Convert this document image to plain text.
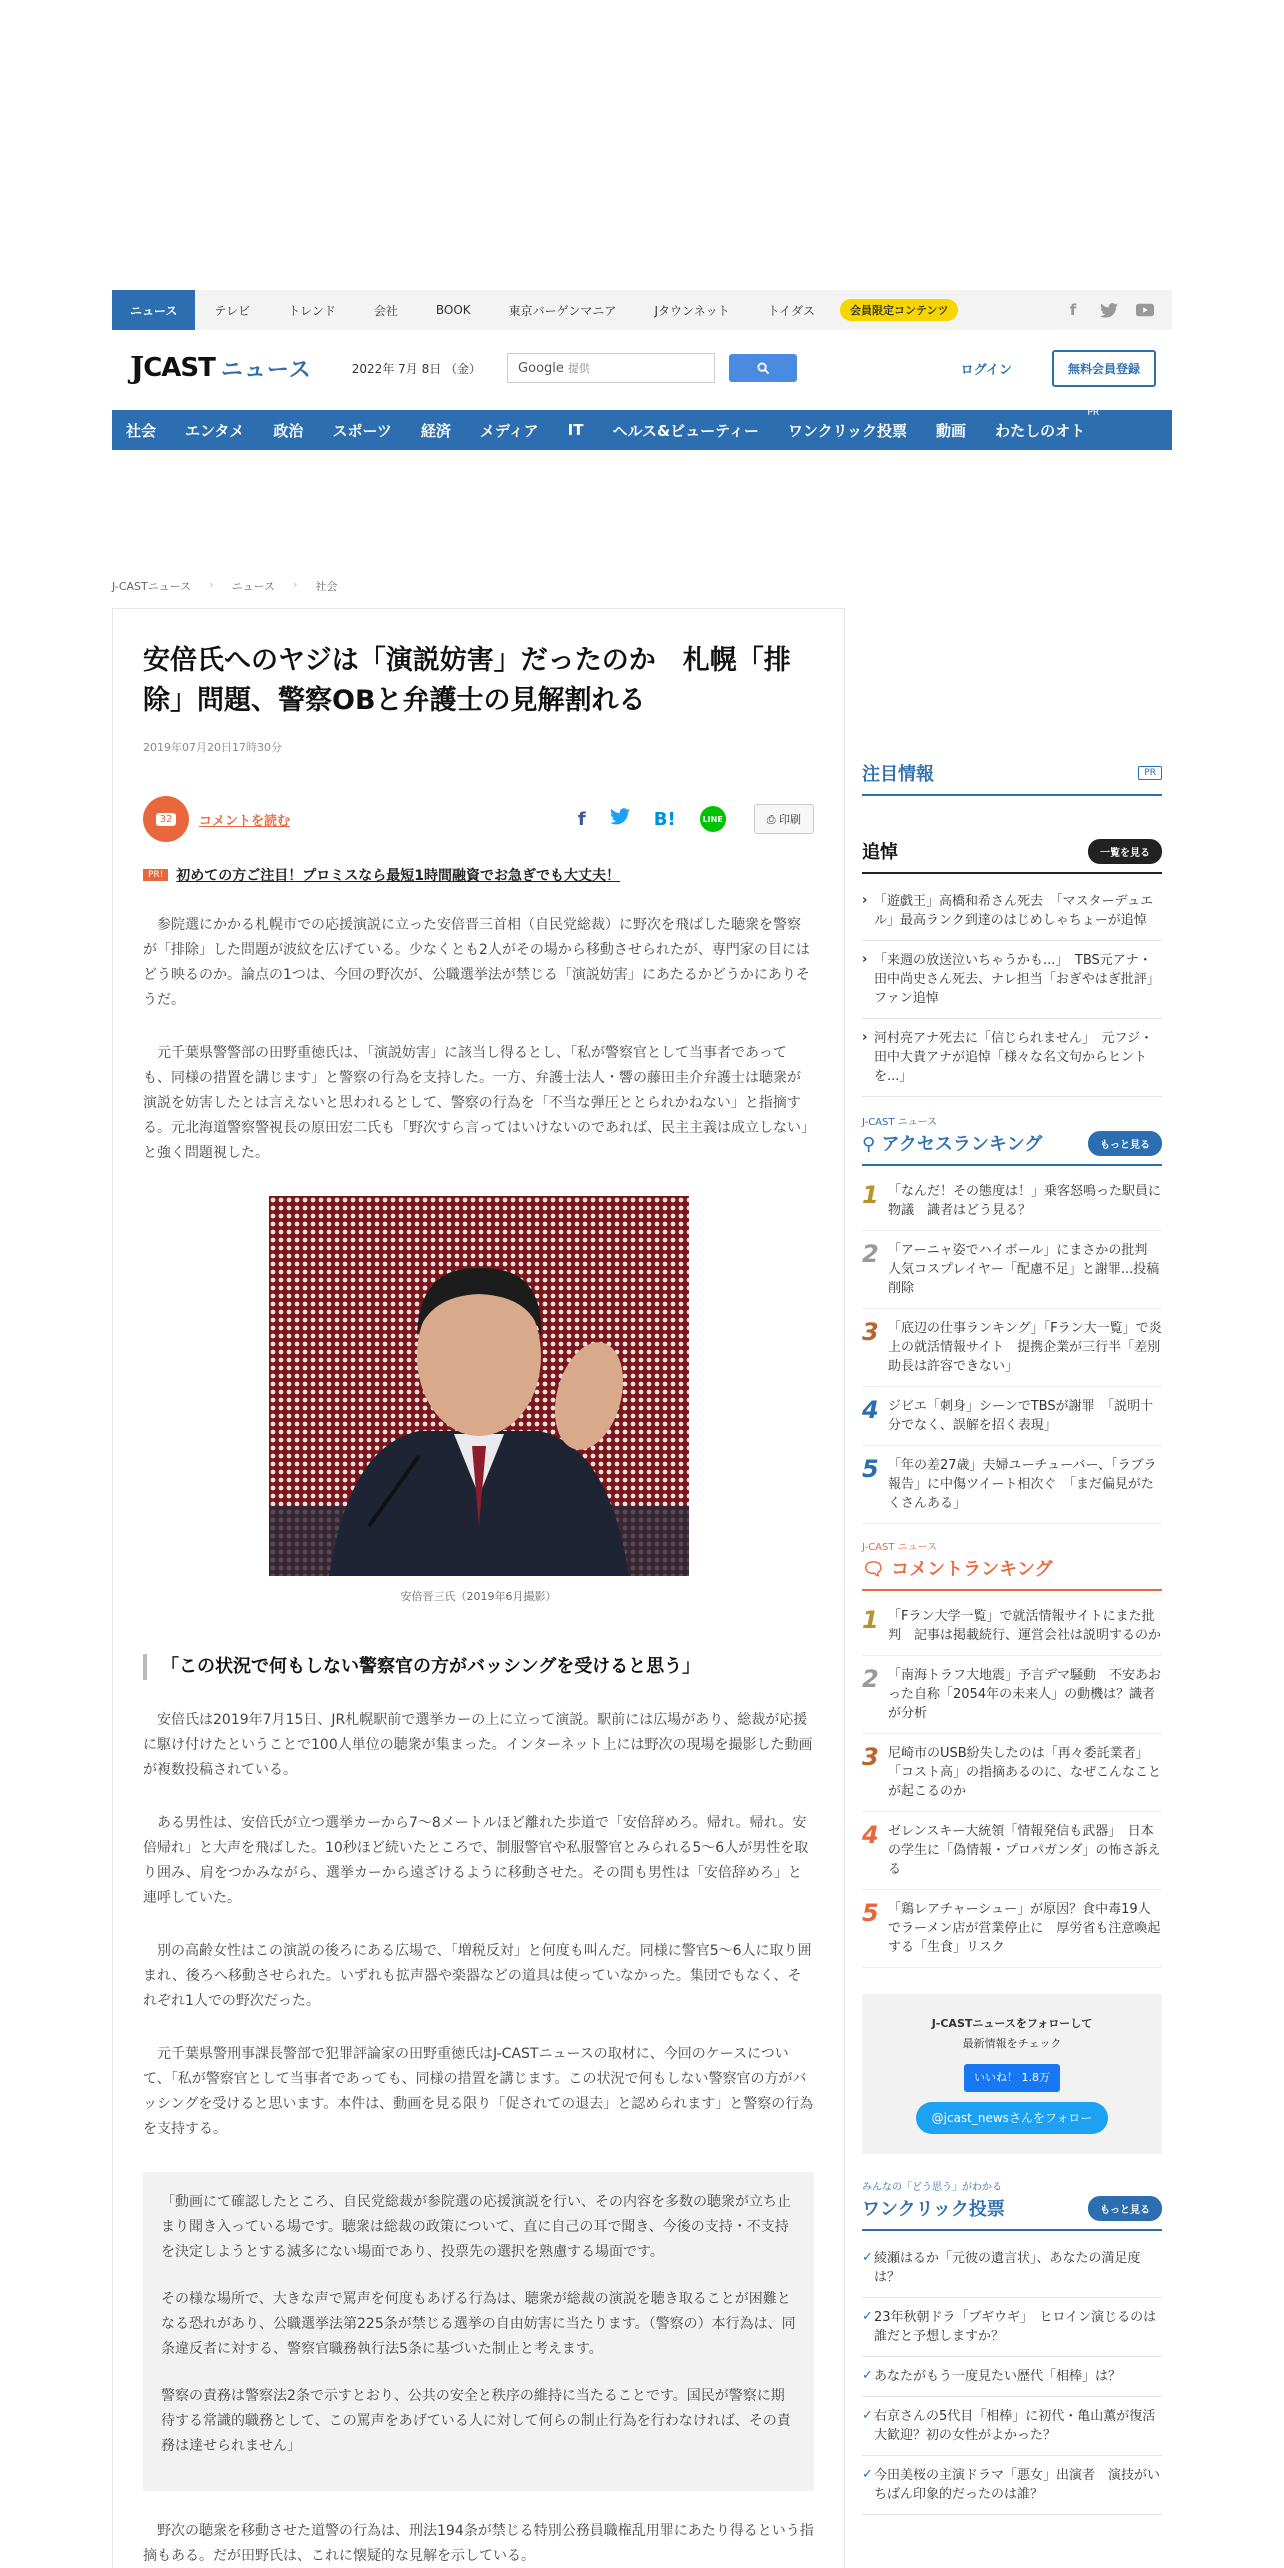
ニュース	テレビ	トレンド	会社	BOOK	東京バーゲンマニア	Jタウンネット	トイダス	会員限定コンテンツ	f
J CAST ニュース	2022年 7月 8日 （金）	Google 提供	ログイン	無料会員登録
社会 エンタメ 政治 スポーツ 経済 メディア IT ヘルス&ビューティー ワンクリック投票 動画 わたしのオト
PR
J-CASTニュース › ニュース › 社会
安倍氏へのヤジは「演説妨害」だったのか　札幌「排除」問題、警察OBと弁護士の見解割れる
2019年07月20日17時30分
32	コメントを読む	f	B!	LINE	⎙ 印刷
PR! 初めての方ご注目！プロミスなら最短1時間融資でお急ぎでも大丈夫！

参院選にかかる札幌市での応援演説に立った安倍晋三首相（自民党総裁）に野次を飛ばした聴衆を警察が「排除」した問題が波紋を広げている。少なくとも2人がその場から移動させられたが、専門家の目にはどう映るのか。論点の1つは、今回の野次が、公職選挙法が禁じる「演説妨害」にあたるかどうかにありそうだ。

元千葉県警警部の田野重徳氏は、「演説妨害」に該当し得るとし、「私が警察官として当事者であっても、同様の措置を講じます」と警察の行為を支持した。一方、弁護士法人・響の藤田圭介弁護士は聴衆が演説を妨害したとは言えないと思われるとして、警察の行為を「不当な弾圧ととられかねない」と指摘する。元北海道警察警視長の原田宏二氏も「野次すら言ってはいけないのであれば、民主主義は成立しない」と強く問題視した。

安倍晋三氏（2019年6月撮影）
「この状況で何もしない警察官の方がバッシングを受けると思う」

安倍氏は2019年7月15日、JR札幌駅前で選挙カーの上に立って演説。駅前には広場があり、総裁が応援に駆け付けたということで100人単位の聴衆が集まった。インターネット上には野次の現場を撮影した動画が複数投稿されている。

ある男性は、安倍氏が立つ選挙カーから7～8メートルほど離れた歩道で「安倍辞めろ。帰れ。帰れ。安倍帰れ」と大声を飛ばした。10秒ほど続いたところで、制服警官や私服警官とみられる5～6人が男性を取り囲み、肩をつかみながら、選挙カーから遠ざけるように移動させた。その間も男性は「安倍辞めろ」と連呼していた。

別の高齢女性はこの演説の後ろにある広場で、「増税反対」と何度も叫んだ。同様に警官5～6人に取り囲まれ、後ろへ移動させられた。いずれも拡声器や楽器などの道具は使っていなかった。集団でもなく、それぞれ1人での野次だった。

元千葉県警刑事課長警部で犯罪評論家の田野重徳氏はJ-CASTニュースの取材に、今回のケースについて、「私が警察官として当事者であっても、同様の措置を講じます。この状況で何もしない警察官の方がバッシングを受けると思います。本件は、動画を見る限り「促されての退去」と認められます」と警察の行為を支持する。

「動画にて確認したところ、自民党総裁が参院選の応援演説を行い、その内容を多数の聴衆が立ち止まり聞き入っている場です。聴衆は総裁の政策について、直に自己の耳で聞き、今後の支持・不支持を決定しようとする滅多にない場面であり、投票先の選択を熟慮する場面です。

その様な場所で、大きな声で罵声を何度もあげる行為は、聴衆が総裁の演説を聴き取ることが困難となる恐れがあり、公職選挙法第225条が禁じる選挙の自由妨害に当たります。（警察の）本行為は、同条違反者に対する、警察官職務執行法5条に基づいた制止と考えます。

警察の責務は警察法2条で示すとおり、公共の安全と秩序の維持に当たることです。国民が警察に期待する常識的職務として、この罵声をあげている人に対して何らの制止行為を行わなければ、その責務は達せられません」

野次の聴衆を移動させた道警の行為は、刑法194条が禁じる特別公務員職権乱用罪にあたり得るという指摘もある。だが田野氏は、これに懐疑的な見解を示している。

注目情報	PR
追悼	一覧を見る
› 「遊戯王」高橋和希さん死去　「マスターデュエル」最高ランク到達のはじめしゃちょーが追悼
› 「来週の放送泣いちゃうかも...」　TBS元アナ・田中尚史さん死去、ナレ担当「おぎやはぎ批評」ファン追悼
› 河村亮アナ死去に「信じられません」　元フジ・田中大貴アナが追悼「様々な名文句からヒントを...」
J-CAST ニュース
⚲ アクセスランキング	もっと見る
1 「なんだ！その態度は！」乗客怒鳴った駅員に物議　識者はどう見る？
2 「アーニャ姿でハイボール」にまさかの批判　人気コスプレイヤー「配慮不足」と謝罪...投稿削除
3 「底辺の仕事ランキング」「Fラン大一覧」で炎上の就活情報サイト　提携企業が三行半「差別助長は許容できない」
4 ジビエ「刺身」シーンでTBSが謝罪　「説明十分でなく、誤解を招く表現」
5 「年の差27歳」夫婦ユーチューバー、「ラブラ報告」に中傷ツイート相次ぐ　「まだ偏見がたくさんある」
J-CAST ニュース
🗨 コメントランキング
1 「Fラン大学一覧」で就活情報サイトにまた批判　記事は掲載続行、運営会社は説明するのか
2 「南海トラフ大地震」予言デマ騒動　不安あおった自称「2054年の未来人」の動機は？識者が分析
3 尼崎市のUSB紛失したのは「再々委託業者」　「コスト高」の指摘あるのに、なぜこんなことが起こるのか
4 ゼレンスキー大統領「情報発信も武器」　日本の学生に「偽情報・プロパガンダ」の怖さ訴える
5 「鶏レアチャーシュー」が原因？食中毒19人でラーメン店が営業停止に　厚労省も注意喚起する「生食」リスク
J-CASTニュースをフォローして
最新情報をチェック
いいね！ 1.8万
@jcast_newsさんをフォロー
みんなの「どう思う」がわかる
ワンクリック投票	もっと見る
✓ 綾瀬はるか「元彼の遺言状」、あなたの満足度は？
✓ 23年秋朝ドラ「ブギウギ」　ヒロイン演じるのは誰だと予想しますか？
✓ あなたがもう一度見たい歴代「相棒」は？
✓ 右京さんの5代目「相棒」に初代・亀山薫が復活　大歓迎？初の女性がよかった？
✓ 今田美桜の主演ドラマ「悪女」出演者　演技がいちばん印象的だったのは誰？
